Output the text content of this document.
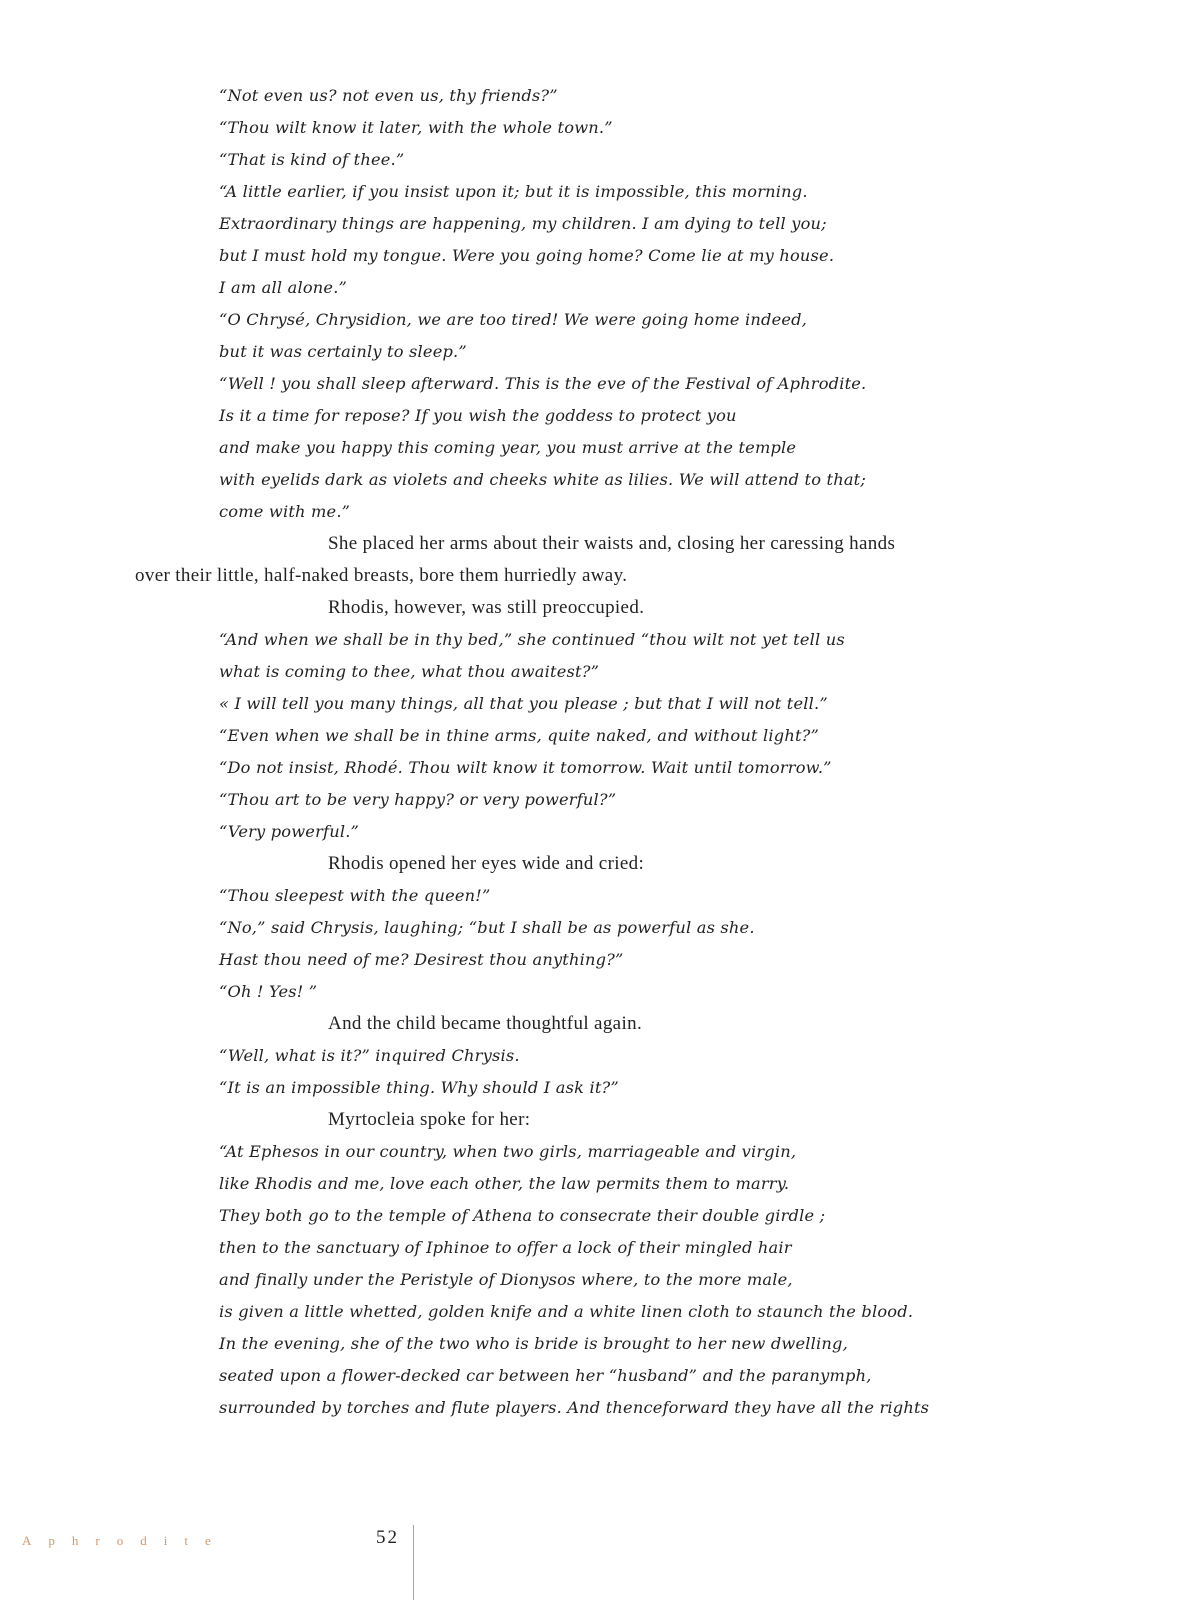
“Not even us? not even us, thy friends?”
“Thou wilt know it later, with the whole town.”
“That is kind of thee.”
“A little earlier, if you insist upon it; but it is impossible, this morning.
Extraordinary things are happening, my children. I am dying to tell you;
but I must hold my tongue. Were you going home? Come lie at my house.
I am all alone.”
“O Chrysé, Chrysidion, we are too tired! We were going home indeed,
but it was certainly to sleep.”
“Well ! you shall sleep afterward. This is the eve of the Festival of Aphrodite.
Is it a time for repose? If you wish the goddess to protect you
and make you happy this coming year, you must arrive at the temple
with eyelids dark as violets and cheeks white as lilies. We will attend to that;
come with me.”
She placed her arms about their waists and, closing her caressing hands
over their little, half-naked breasts, bore them hurriedly away.
Rhodis, however, was still preoccupied.
“And when we shall be in thy bed,” she continued “thou wilt not yet tell us
what is coming to thee, what thou awaitest?”
« I will tell you many things, all that you please ; but that I will not tell.”
“Even when we shall be in thine arms, quite naked, and without light?”
“Do not insist, Rhodé. Thou wilt know it tomorrow. Wait until tomorrow.”
“Thou art to be very happy? or very powerful?”
“Very powerful.”
Rhodis opened her eyes wide and cried:
“Thou sleepest with the queen!”
“No,” said Chrysis, laughing; “but I shall be as powerful as she.
Hast thou need of me? Desirest thou anything?”
“Oh ! Yes! ”
And the child became thoughtful again.
“Well, what is it?” inquired Chrysis.
“It is an impossible thing. Why should I ask it?”
Myrtocleia spoke for her:
“At Ephesos in our country, when two girls, marriageable and virgin,
like Rhodis and me, love each other, the law permits them to marry.
They both go to the temple of Athena to consecrate their double girdle ;
then to the sanctuary of Iphinoe to offer a lock of their mingled hair
and finally under the Peristyle of Dionysos where, to the more male,
is given a little whetted, golden knife and a white linen cloth to staunch the blood.
In the evening, she of the two who is bride is brought to her new dwelling,
seated upon a flower-decked car between her “husband” and the paranymph,
surrounded by torches and flute players. And thenceforward they have all the rights
Aphrodite	52
